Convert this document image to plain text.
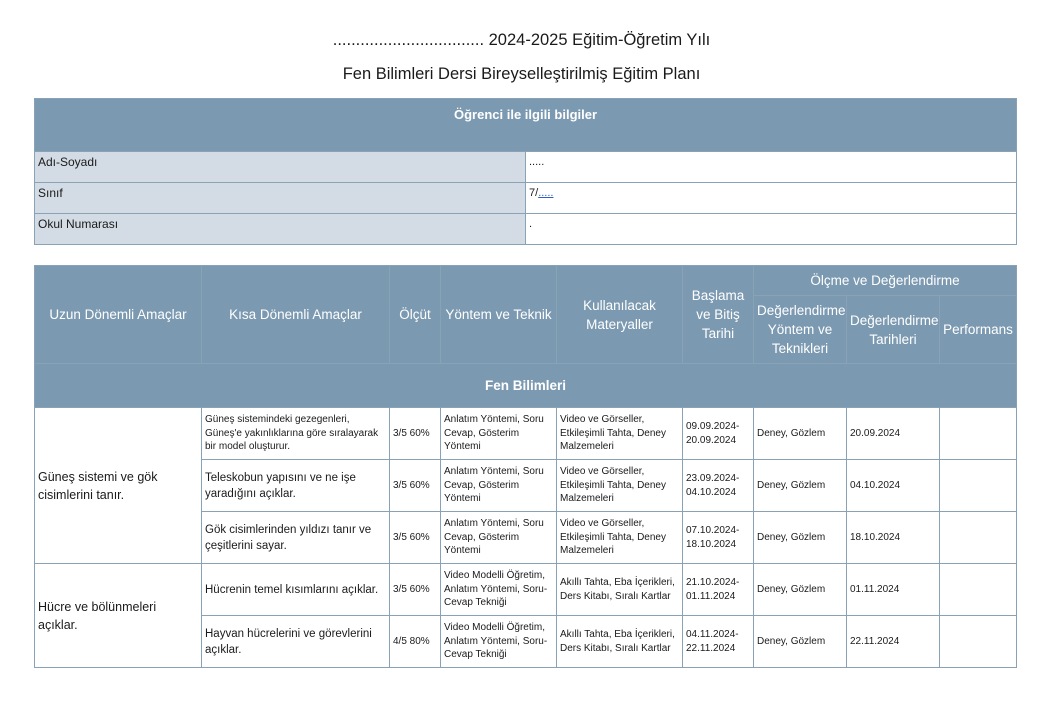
................................. 2024-2025 Eğitim-Öğretim Yılı
Fen Bilimleri Dersi Bireyselleştirilmiş Eğitim Planı
Öğrenci ile ilgili bilgiler	
Adı-Soyadı	.....
Sınıf	7/.....
Okul Numarası	.
Uzun Dönemli Amaçlar	Kısa Dönemli Amaçlar	Ölçüt	Yöntem ve Teknik	Kullanılacak Materyaller	Başlama ve Bitiş Tarihi	Ölçme ve Değerlendirme		
						Değerlendirme Yöntem ve Teknikleri	Değerlendirme Tarihleri	Performans
Fen Bilimleri								
Güneş sistemi ve gök cisimlerini tanır.	Güneş sistemindeki gezegenleri, Güneş'e yakınlıklarına göre sıralayarak bir model oluşturur.	3/5 60%	Anlatım Yöntemi, Soru Cevap, Gösterim Yöntemi	Video ve Görseller, Etkileşimli Tahta, Deney Malzemeleri	09.09.2024-20.09.2024	Deney, Gözlem	20.09.2024	
	Teleskobun yapısını ve ne işe yaradığını açıklar.	3/5 60%	Anlatım Yöntemi, Soru Cevap, Gösterim Yöntemi	Video ve Görseller, Etkileşimli Tahta, Deney Malzemeleri	23.09.2024-04.10.2024	Deney, Gözlem	04.10.2024	
	Gök cisimlerinden yıldızı tanır ve çeşitlerini sayar.	3/5 60%	Anlatım Yöntemi, Soru Cevap, Gösterim Yöntemi	Video ve Görseller, Etkileşimli Tahta, Deney Malzemeleri	07.10.2024-18.10.2024	Deney, Gözlem	18.10.2024	
Hücre ve bölünmeleri açıklar.	Hücrenin temel kısımlarını açıklar.	3/5 60%	Video Modelli Öğretim, Anlatım Yöntemi, Soru-Cevap Tekniği	Akıllı Tahta, Eba İçerikleri, Ders Kitabı, Sıralı Kartlar	21.10.2024-01.11.2024	Deney, Gözlem	01.11.2024	
	Hayvan hücrelerini ve görevlerini açıklar.	4/5 80%	Video Modelli Öğretim, Anlatım Yöntemi, Soru-Cevap Tekniği	Akıllı Tahta, Eba İçerikleri, Ders Kitabı, Sıralı Kartlar	04.11.2024-22.11.2024	Deney, Gözlem	22.11.2024	
